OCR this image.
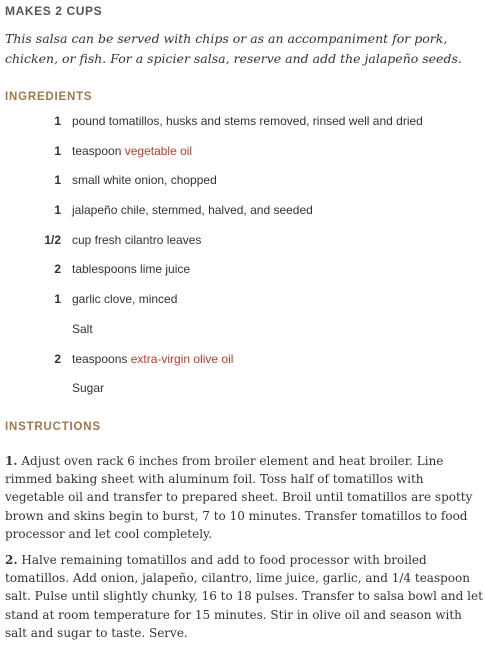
MAKES 2 CUPS

This salsa can be served with chips or as an accompaniment for pork, chicken, or fish. For a spicier salsa, reserve and add the jalapeño seeds.

INGREDIENTS
1 pound tomatillos, husks and stems removed, rinsed well and dried
1 teaspoon vegetable oil
1 small white onion, chopped
1 jalapeño chile, stemmed, halved, and seeded
1/2 cup fresh cilantro leaves
2 tablespoons lime juice
1 garlic clove, minced
Salt
2 teaspoons extra-virgin olive oil
Sugar
INSTRUCTIONS

1. Adjust oven rack 6 inches from broiler element and heat broiler. Line rimmed baking sheet with aluminum foil. Toss half of tomatillos with vegetable oil and transfer to prepared sheet. Broil until tomatillos are spotty brown and skins begin to burst, 7 to 10 minutes. Transfer tomatillos to food processor and let cool completely.

2. Halve remaining tomatillos and add to food processor with broiled tomatillos. Add onion, jalapeño, cilantro, lime juice, garlic, and 1/4 teaspoon salt. Pulse until slightly chunky, 16 to 18 pulses. Transfer to salsa bowl and let stand at room temperature for 15 minutes. Stir in olive oil and season with salt and sugar to taste. Serve.
